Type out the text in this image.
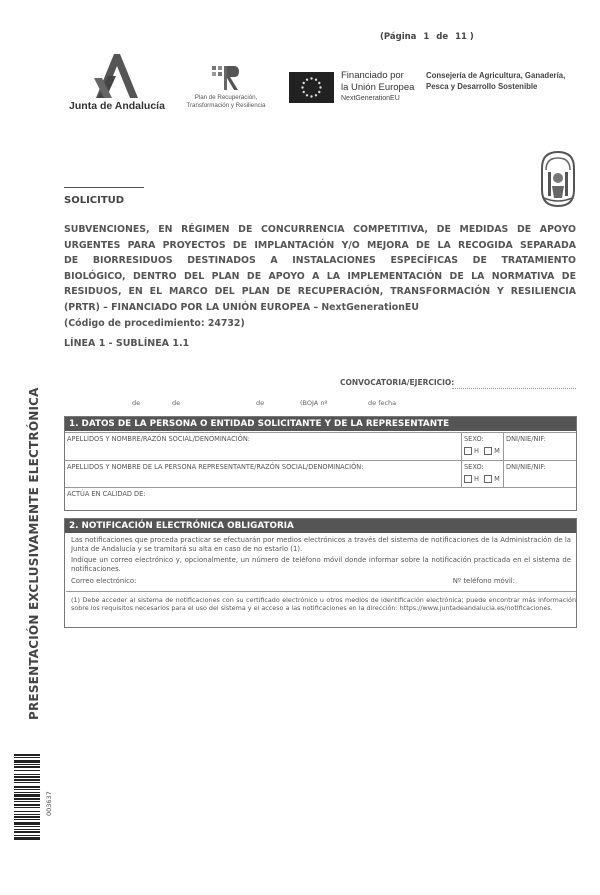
(Página 1 de 11 )
Junta de Andalucía
Plan de Recuperación,
Transformación y Resiliencia
Financiado por
la Unión Europea
NextGenerationEU
Consejería de Agricultura, Ganadería,
Pesca y Desarrollo Sostenible
SOLICITUD
SUBVENCIONES, EN RÉGIMEN DE CONCURRENCIA COMPETITIVA, DE MEDIDAS DE APOYO
URGENTES PARA PROYECTOS DE IMPLANTACIÓN Y/O MEJORA DE LA RECOGIDA SEPARADA
DE BIORRESIDUOS DESTINADOS A INSTALACIONES ESPECÍFICAS DE TRATAMIENTO
BIOLÓGICO, DENTRO DEL PLAN DE APOYO A LA IMPLEMENTACIÓN DE LA NORMATIVA DE
RESIDUOS, EN EL MARCO DEL PLAN DE RECUPERACIÓN, TRANSFORMACIÓN Y RESILIENCIA
(PRTR) – FINANCIADO POR LA UNIÓN EUROPEA – NextGenerationEU
(Código de procedimiento: 24732)
LÍNEA 1 - SUBLÍNEA 1.1
CONVOCATORIA/EJERCICIO:
de	de	de	(BOJA nº	de fecha
1. DATOS DE LA PERSONA O ENTIDAD SOLICITANTE Y DE LA REPRESENTANTE
APELLIDOS Y NOMBRE/RAZÓN SOCIAL/DENOMINACIÓN:	SEXO:
H M
DNI/NIE/NIF:
APELLIDOS Y NOMBRE DE LA PERSONA REPRESENTANTE/RAZÓN SOCIAL/DENOMINACIÓN:	SEXO:
H M
DNI/NIE/NIF:
ACTÚA EN CALIDAD DE:
2. NOTIFICACIÓN ELECTRÓNICA OBLIGATORIA

Las notificaciones que proceda practicar se efectuarán por medios electrónicos a través del sistema de notificaciones de la Administración de la Junta de Andalucía y se tramitará su alta en caso de no estarlo (1).

Indique un correo electrónico y, opcionalmente, un número de teléfono móvil donde informar sobre la notificación practicada en el sistema de notificaciones.

Correo electrónico:	Nº teléfono móvil:
(1) Debe acceder al sistema de notificaciones con su certificado electrónico u otros medios de identificación electrónica; puede encontrar más información sobre los requisitos necesarios para el uso del sistema y el acceso a las notificaciones en la dirección: https://www.juntadeandalucia.es/notificaciones.
PRESENTACIÓN EXCLUSIVAMENTE ELECTRÓNICA
003637
